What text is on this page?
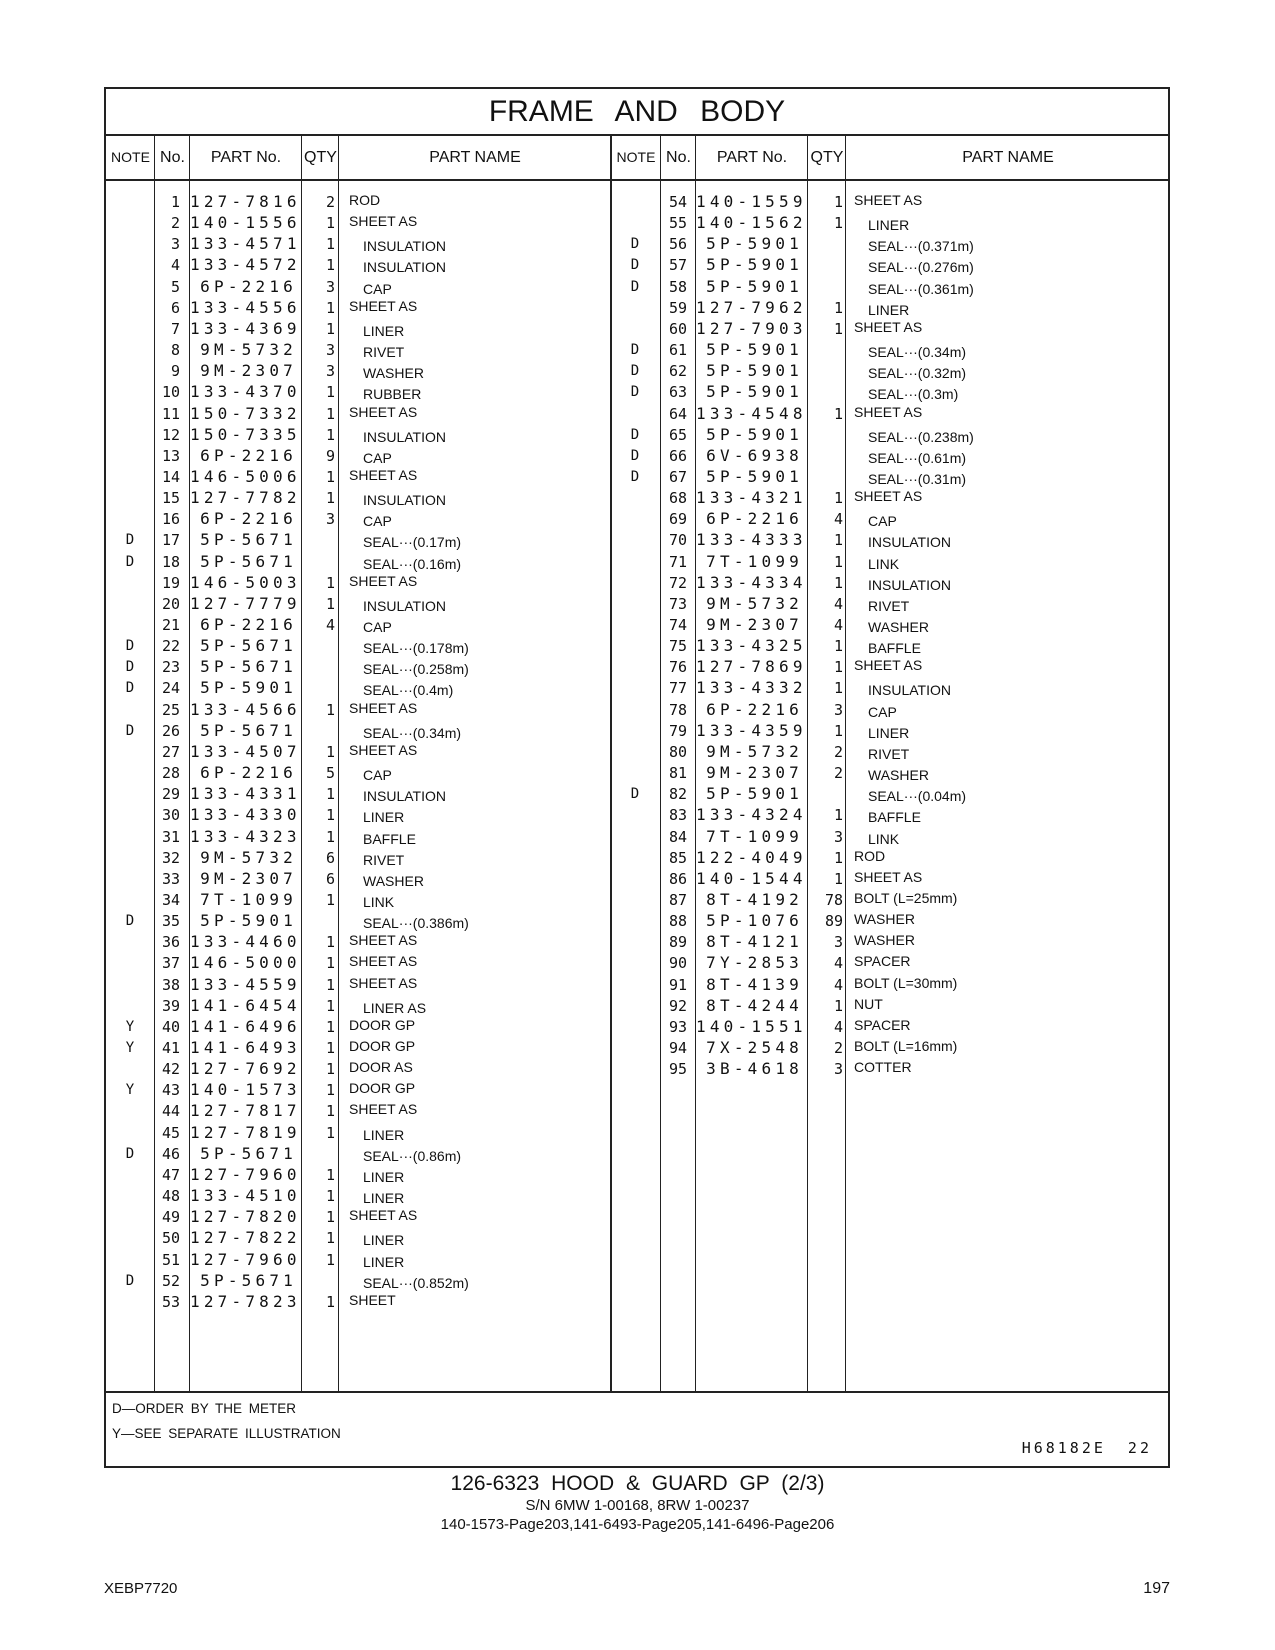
FRAME AND BODY
NOTE No.	PART No.	QTY	PART NAME	NOTE No.	PART No.	QTY	PART NAME
1 127-7816	2 ROD
2 140-1556	1 SHEET AS
3 133-4571	1 INSULATION
4 133-4572	1 INSULATION
5	6P-2216	3 CAP
6 133-4556	1 SHEET AS
7 133-4369	1 LINER
8	9M-5732	3 RIVET
9	9M-2307	3 WASHER
10 133-4370	1 RUBBER
11 150-7332	1 SHEET AS
12 150-7335	1 INSULATION
13	6P-2216	9 CAP
14 146-5006	1 SHEET AS
15 127-7782	1 INSULATION
16	6P-2216	3 CAP
D	17	5P-5671	SEAL···(0.17m)
D	18	5P-5671	SEAL···(0.16m)
19 146-5003	1 SHEET AS
20 127-7779	1 INSULATION
21	6P-2216	4 CAP
D	22	5P-5671	SEAL···(0.178m)
D	23	5P-5671	SEAL···(0.258m)
D	24	5P-5901	SEAL···(0.4m)
25 133-4566	1 SHEET AS
D	26	5P-5671	SEAL···(0.34m)
27 133-4507	1 SHEET AS
28	6P-2216	5 CAP
29 133-4331	1 INSULATION
30 133-4330	1 LINER
31 133-4323	1 BAFFLE
32	9M-5732	6 RIVET
33	9M-2307	6 WASHER
34	7T-1099	1 LINK
D	35	5P-5901	SEAL···(0.386m)
36 133-4460	1 SHEET AS
37 146-5000	1 SHEET AS
38 133-4559	1 SHEET AS
39 141-6454	1 LINER AS
Y	40 141-6496	1 DOOR GP
Y	41 141-6493	1 DOOR GP
42 127-7692	1 DOOR AS
Y	43 140-1573	1 DOOR GP
44 127-7817	1 SHEET AS
45 127-7819	1 LINER
D	46	5P-5671	SEAL···(0.86m)
47 127-7960	1 LINER
48 133-4510	1 LINER
49 127-7820	1 SHEET AS
50 127-7822	1 LINER
51 127-7960	1 LINER
D	52	5P-5671	SEAL···(0.852m)
53 127-7823	1 SHEET
54 140-1559	1 SHEET AS
55 140-1562	1 LINER
D	56	5P-5901	SEAL···(0.371m)
D	57	5P-5901	SEAL···(0.276m)
D	58	5P-5901	SEAL···(0.361m)
59 127-7962	1 LINER
60 127-7903	1 SHEET AS
D	61	5P-5901	SEAL···(0.34m)
D	62	5P-5901	SEAL···(0.32m)
D	63	5P-5901	SEAL···(0.3m)
64 133-4548	1 SHEET AS
D	65	5P-5901	SEAL···(0.238m)
D	66	6V-6938	SEAL···(0.61m)
D	67	5P-5901	SEAL···(0.31m)
68 133-4321	1 SHEET AS
69	6P-2216	4 CAP
70 133-4333	1 INSULATION
71	7T-1099	1 LINK
72 133-4334	1 INSULATION
73	9M-5732	4 RIVET
74	9M-2307	4 WASHER
75 133-4325	1 BAFFLE
76 127-7869	1 SHEET AS
77 133-4332	1 INSULATION
78	6P-2216	3 CAP
79 133-4359	1 LINER
80	9M-5732	2 RIVET
81	9M-2307	2 WASHER
D	82	5P-5901	SEAL···(0.04m)
83 133-4324	1 BAFFLE
84	7T-1099	3 LINK
85 122-4049	1 ROD
86 140-1544	1 SHEET AS
87	8T-4192	78 BOLT (L=25mm)
88	5P-1076	89 WASHER
89	8T-4121	3 WASHER
90	7Y-2853	4 SPACER
91	8T-4139	4 BOLT (L=30mm)
92	8T-4244	1 NUT
93 140-1551	4 SPACER
94	7X-2548	2 BOLT (L=16mm)
95	3B-4618	3 COTTER
D—ORDER BY THE METER
Y—SEE SEPARATE ILLUSTRATION
H68182E 22
126-6323 HOOD & GUARD GP (2/3)
S/N 6MW 1-00168, 8RW 1-00237
140-1573-Page203,141-6493-Page205,141-6496-Page206
XEBP7720	197
